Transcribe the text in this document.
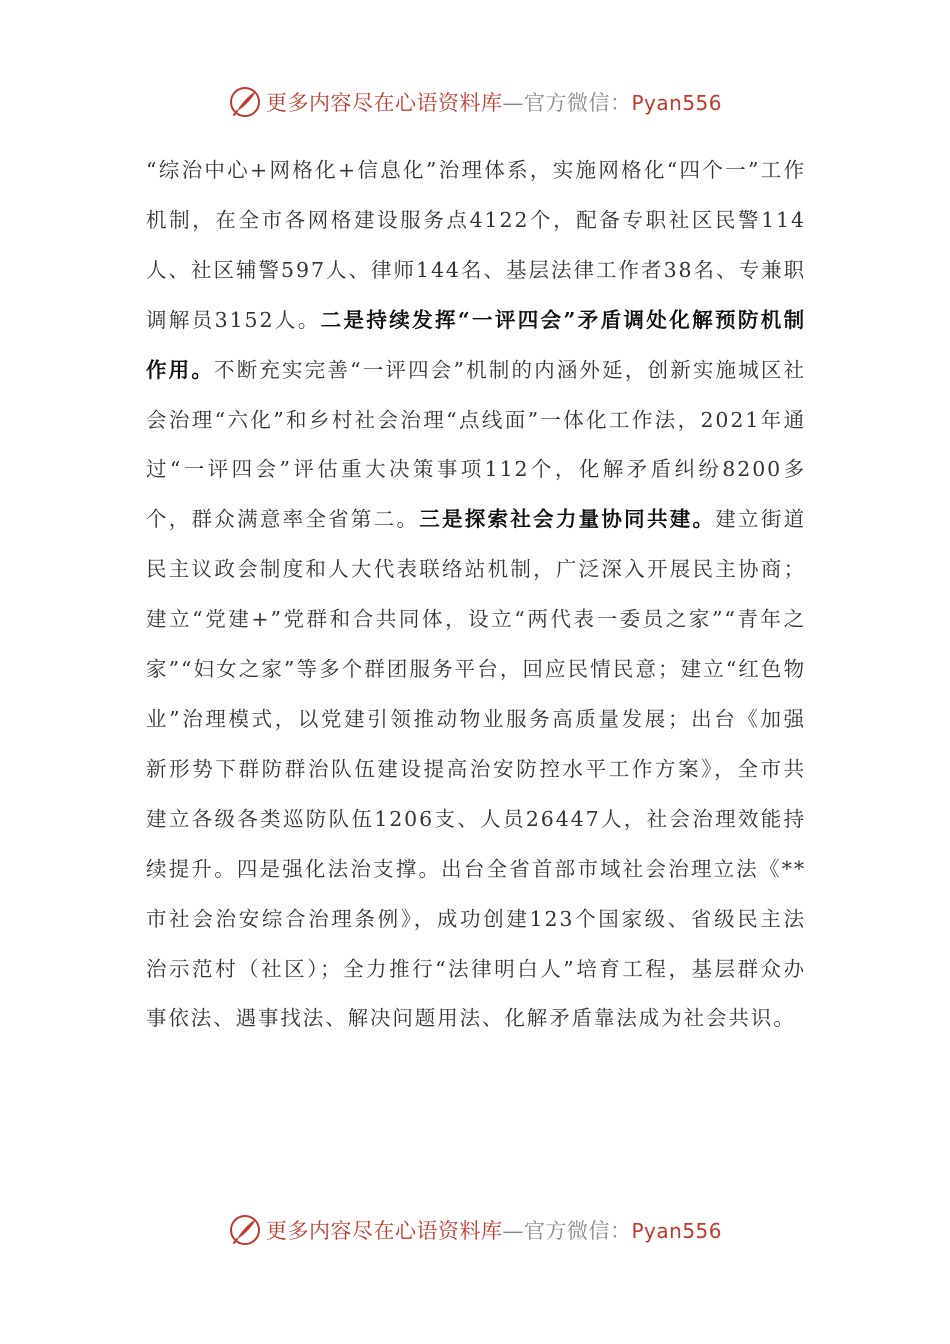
更多内容尽在心语资料库—官方微信：Pyan556

“综治中心+网格化+信息化”治理体系，实施网格化“四个一”工作机制，在全市各网格建设服务点4122个，配备专职社区民警114人、社区辅警597人、律师144名、基层法律工作者38名、专兼职调解员3152人。二是持续发挥“一评四会”矛盾调处化解预防机制作用。不断充实完善“一评四会”机制的内涵外延，创新实施城区社会治理“六化”和乡村社会治理“点线面”一体化工作法，2021年通过“一评四会”评估重大决策事项112个，化解矛盾纠纷8200多个，群众满意率全省第二。三是探索社会力量协同共建。建立街道民主议政会制度和人大代表联络站机制，广泛深入开展民主协商；建立“党建+”党群和合共同体，设立“两代表一委员之家”“青年之家”“妇女之家”等多个群团服务平台，回应民情民意；建立“红色物业”治理模式，以党建引领推动物业服务高质量发展；出台《加强新形势下群防群治队伍建设提高治安防控水平工作方案》，全市共建立各级各类巡防队伍1206支、人员26447人，社会治理效能持续提升。四是强化法治支撑。出台全省首部市域社会治理立法《**市社会治安综合治理条例》，成功创建123个国家级、省级民主法治示范村（社区）；全力推行“法律明白人”培育工程，基层群众办事依法、遇事找法、解决问题用法、化解矛盾靠法成为社会共识。

更多内容尽在心语资料库—官方微信：Pyan556
